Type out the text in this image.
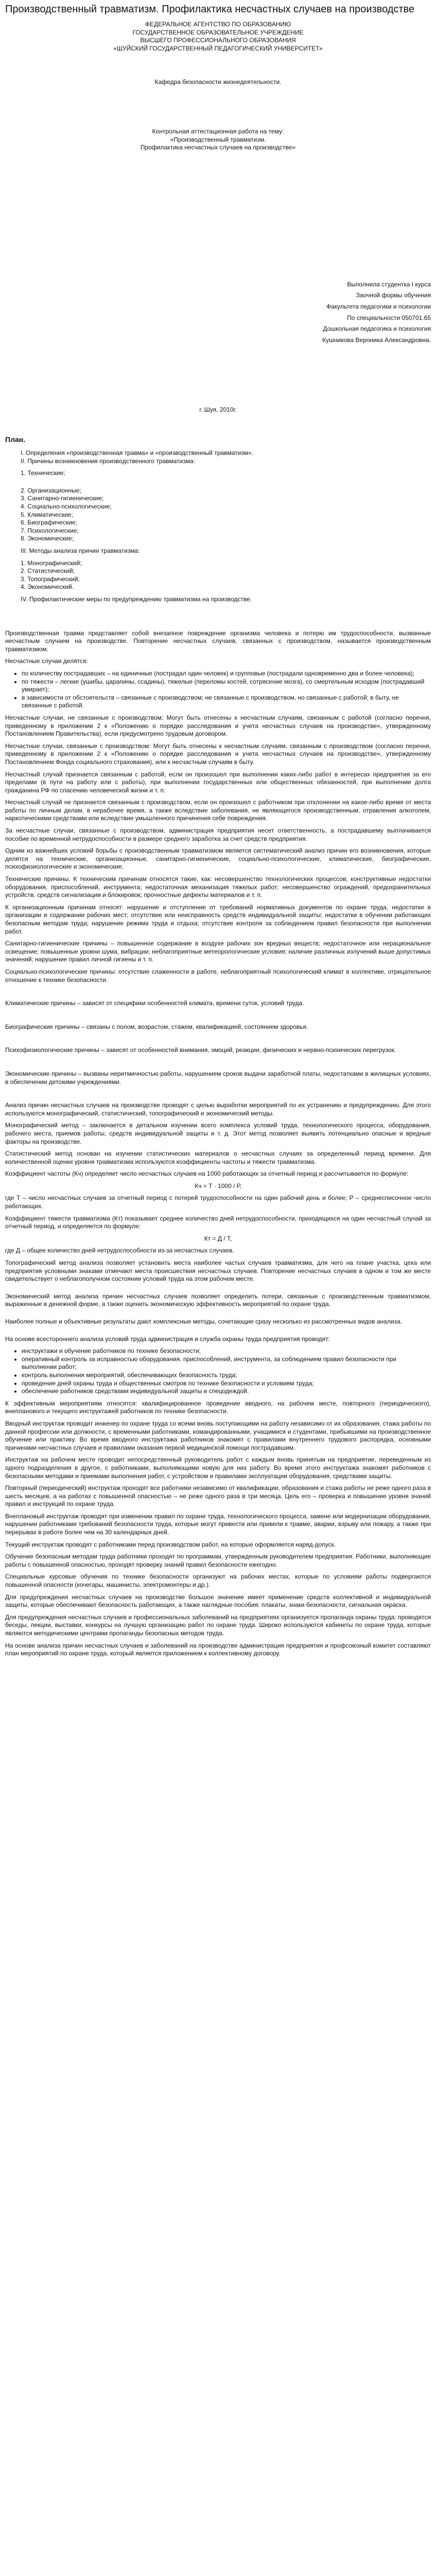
Производственный травматизм. Профилактика несчастных случаев на производстве
ФЕДЕРАЛЬНОЕ АГЕНТСТВО ПО ОБРАЗОВАНИЮ
ГОСУДАРСТВЕННОЕ ОБРАЗОВАТЕЛЬНОЕ УЧРЕЖДЕНИЕ
ВЫСШЕГО ПРОФЕССИОНАЛЬНОГО ОБРАЗОВАНИЯ
«ШУЙСКИЙ ГОСУДАРСТВЕННЫЙ ПЕДАГОГИЧЕСКИЙ УНИВЕРСИТЕТ»
Кафедра безопасности жизнедеятельности.
Контрольная аттестационная работа на тему:
«Производственный травматизм.
Профилактика несчастных случаев на производстве»
Выполнила студентка I курса
Заочной формы обучения
Факультета педагогики и психологии
По специальности 050701.65
Дошкольная педагогика и психология
Кушникова Вероника Александровна.
г. Шуя, 2010г.
План.
I. Определения «производственная травма» и «производственный травматизм».
II. Причины возникновения производственного травматизма:
1. Технические;
2. Организационные;
3. Санитарно-гигиенические;
4. Социально-психологические;
5. Климатические;
6. Биографические;
7. Психологические;
8. Экономические;
III. Методы анализа причин травматизма:
1. Монографический;
2. Статистический;
3. Топографический;
4. Экономический.
IV. Профилактические меры по предупреждению травматизма на производстве.

Производственная травма представляет собой внезапное повреждение организма человека и потерю им трудоспособности, вызванные несчастным случаем на производстве. Повторение несчастных случаев, связанных с производством, называется производственным травматизмом.

Несчастные случаи делятся:

• по количеству пострадавших – на единичные (пострадал один человек) и групповые (пострадали одновременно два и более человека);
• по тяжести – легкие (ушибы, царапины, ссадины), тяжелые (переломы костей, сотрясение мозга), со смертельным исходом (пострадавший умирает);
• в зависимости от обстоятельств – связанные с производством; не связанные с производством, но связанные с работой; в быту, не связанные с работой.

Несчастные случаи, не связанные с производством: Могут быть отнесены к несчастным случаям, связанным с работой (согласно перечня, приведенному в приложении 2 к «Положению о порядке расследования и учета несчастных случаев на производстве», утвержденному Постановлением Правительства), если предусмотрено трудовым договором.

Несчастные случаи, связанные с производством: Могут быть отнесены к несчастным случаям, связанным с производством (согласно перечня, приведенному в приложении 2 к «Положению о порядке расследования и учета несчастных случаев на производстве», утвержденному Постановлением Фонда социального страхования), или к несчастным случаям в быту.

Несчастный случай признается связанным с работой, если он произошел при выполнении каких-либо работ в интересах предприятия за его пределами (в пути на работу или с работы), при выполнении государственных или общественных обязанностей, при выполнении долга гражданина РФ по спасению человеческой жизни и т. п.

Несчастный случай не признается связанным с производством, если он произошел с работником при отклонении на какое-либо время от места работы по личным делам, в нерабочее время, а также вследствие заболевания, не являющегося производственным, отравления алкоголем, наркотическими средствами или вследствие умышленного причинения себе повреждения.

За несчастные случаи, связанные с производством, администрация предприятия несет ответственность, а пострадавшему выплачивается пособие по временной нетрудоспособности в размере среднего заработка за счет средств предприятия.

Одним из важнейших условий борьбы с производственным травматизмом является систематический анализ причин его возникновения, которые делятся на технические, организационные, санитарно-гигиенические, социально-психологические, климатические, биографические, психофизиологические и экономические.

Технические причины. К техническим причинам относятся такие, как: несовершенство технологических процессов; конструктивные недостатки оборудования, приспособлений, инструмента; недостаточная механизация тяжелых работ; несовершенство ограждений, предохранительных устройств, средств сигнализации и блокировок; прочностные дефекты материалов и т. п.

К организационным причинам относят: нарушение и отступление от требований нормативных документов по охране труда, недостатки в организации и содержании рабочих мест; отсутствие или неисправность средств индивидуальной защиты; недостатки в обучении работающих безопасным методам труда; нарушение режима труда и отдыха; отсутствие контроля за соблюдением правил безопасности при выполнении работ.

Санитарно-гигиенические причины – повышенное содержание в воздухе рабочих зон вредных веществ; недостаточное или нерациональное освещение; повышенные уровни шума, вибрации; неблагоприятные метеорологические условия; наличие различных излучений выше допустимых значений; нарушение правил личной гигиены и т. п.

Социально-психологические причины: отсутствие слаженности в работе, неблагоприятный психологический климат в коллективе, отрицательное отношение к технике безопасности.

Климатические причины – зависят от специфики особенностей климата, времени суток, условий труда.

Биографические причины – связаны с полом, возрастом, стажем, квалификацией, состоянием здоровья.

Психофизиологические причины – зависят от особенностей внимания, эмоций, реакции, физических и нервно-психических перегрузок.

Экономические причины – вызваны неритмичностью работы, нарушением сроков выдачи заработной платы, недостатками в жилищных условиях, в обеспечении детскими учреждениями.

Анализ причин несчастных случаев на производстве проводят с целью выработки мероприятий по их устранению и предупреждению. Для этого используются монографический, статистический, топографический и экономический методы.

Монографический метод – заключается в детальном изучении всего комплекса условий труда, технологического процесса, оборудования, рабочего места, приемов работы, средств индивидуальной защиты и т. д. Этот метод позволяет выявить потенциально опасные и вредные факторы на производстве.

Статистический метод основан на изучении статистических материалов о несчастных случаях за определенный период времени. Для количественной оценки уровня травматизма используются коэффициенты частоты и тяжести травматизма.

Коэффициент частоты (Кч) определяет число несчастных случаев на 1000 работающих за отчетный период и рассчитывается по формуле:

Кч = Т · 1000 / Р,

где Т – число несчастных случаев за отчетный период с потерей трудоспособности на один рабочий день и более; Р – среднесписочное число работающих.

Коэффициент тяжести травматизма (Кт) показывает среднее количество дней нетрудоспособности, приходящихся на один несчастный случай за отчетный период, и определяется по формуле:

Кт = Д / Т,

где Д – общее количество дней нетрудоспособности из-за несчастных случаев.

Топографический метод анализа позволяет установить места наиболее частых случаев травматизма, для чего на плане участка, цеха или предприятия условными знаками отмечают места происшествия несчастных случаев. Повторение несчастных случаев в одном и том же месте свидетельствует о неблагополучном состоянии условий труда на этом рабочем месте.

Экономический метод анализа причин несчастных случаев позволяет определить потери, связанные с производственным травматизмом, выраженные в денежной форме, а также оценить экономическую эффективность мероприятий по охране труда.

Наиболее полные и объективные результаты дают комплексные методы, сочетающие сразу несколько из рассмотренных видов анализа.

На основе всестороннего анализа условий труда администрация и служба охраны труда предприятия проводят:

• инструктажи и обучение работников по технике безопасности;
• оперативный контроль за исправностью оборудования, приспособлений, инструмента, за соблюдением правил безопасности при выполнении работ;
• контроль выполнения мероприятий, обеспечивающих безопасность труда;
• проведение дней охраны труда и общественных смотров по технике безопасности и условиям труда;
• обеспечение работников средствами индивидуальной защиты и спецодеждой.

К эффективным мероприятиям относятся: квалифицированное проведение вводного, на рабочем месте, повторного (периодического), внепланового и текущего инструктажей работников по технике безопасности.

Вводный инструктаж проводит инженер по охране труда со всеми вновь поступающими на работу независимо от их образования, стажа работы по данной профессии или должности, с временными работниками, командированными, учащимися и студентами, прибывшими на производственное обучение или практику. Во время вводного инструктажа работников знакомят с правилами внутреннего трудового распорядка, основными причинами несчастных случаев и правилами оказания первой медицинской помощи пострадавшим.

Инструктаж на рабочем месте проводит непосредственный руководитель работ с каждым вновь принятым на предприятие, переведенным из одного подразделения в другое, с работниками, выполняющими новую для них работу. Во время этого инструктажа знакомят работников с безопасными методами и приемами выполнения работ, с устройством и правилами эксплуатации оборудования, средствами защиты.

Повторный (периодический) инструктаж проходят все работники независимо от квалификации, образования и стажа работы не реже одного раза в шесть месяцев, а на работах с повышенной опасностью – не реже одного раза в три месяца. Цель его – проверка и повышение уровня знаний правил и инструкций по охране труда.

Внеплановый инструктаж проводят при изменении правил по охране труда, технологического процесса, замене или модернизации оборудования, нарушении работниками требований безопасности труда, которые могут привести или привели к травме, аварии, взрыву или пожару, а также при перерывах в работе более чем на 30 календарных дней.

Текущий инструктаж проводят с работниками перед производством работ, на которые оформляется наряд-допуск.

Обучение безопасным методам труда работники проходят по программам, утвержденным руководителем предприятия. Работники, выполняющие работы с повышенной опасностью, проходят проверку знаний правил безопасности ежегодно.

Специальные курсовые обучения по технике безопасности организуют на рабочих местах, которые по условиям работы подвергаются повышенной опасности (кочегары, машинисты, электромонтеры и др.).

Для предупреждения несчастных случаев на производстве большое значение имеет применение средств коллективной и индивидуальной защиты, которые обеспечивают безопасность работающих, а также наглядные пособия: плакаты, знаки безопасности, сигнальная окраска.

Для предупреждения несчастных случаев и профессиональных заболеваний на предприятиях организуется пропаганда охраны труда: проводятся беседы, лекции, выставки, конкурсы на лучшую организацию работ по охране труда. Широко используются кабинеты по охране труда, которые являются методическими центрами пропаганды безопасных методов труда.

На основе анализа причин несчастных случаев и заболеваний на производстве администрация предприятия и профсоюзный комитет составляют план мероприятий по охране труда, который является приложением к коллективному договору.
